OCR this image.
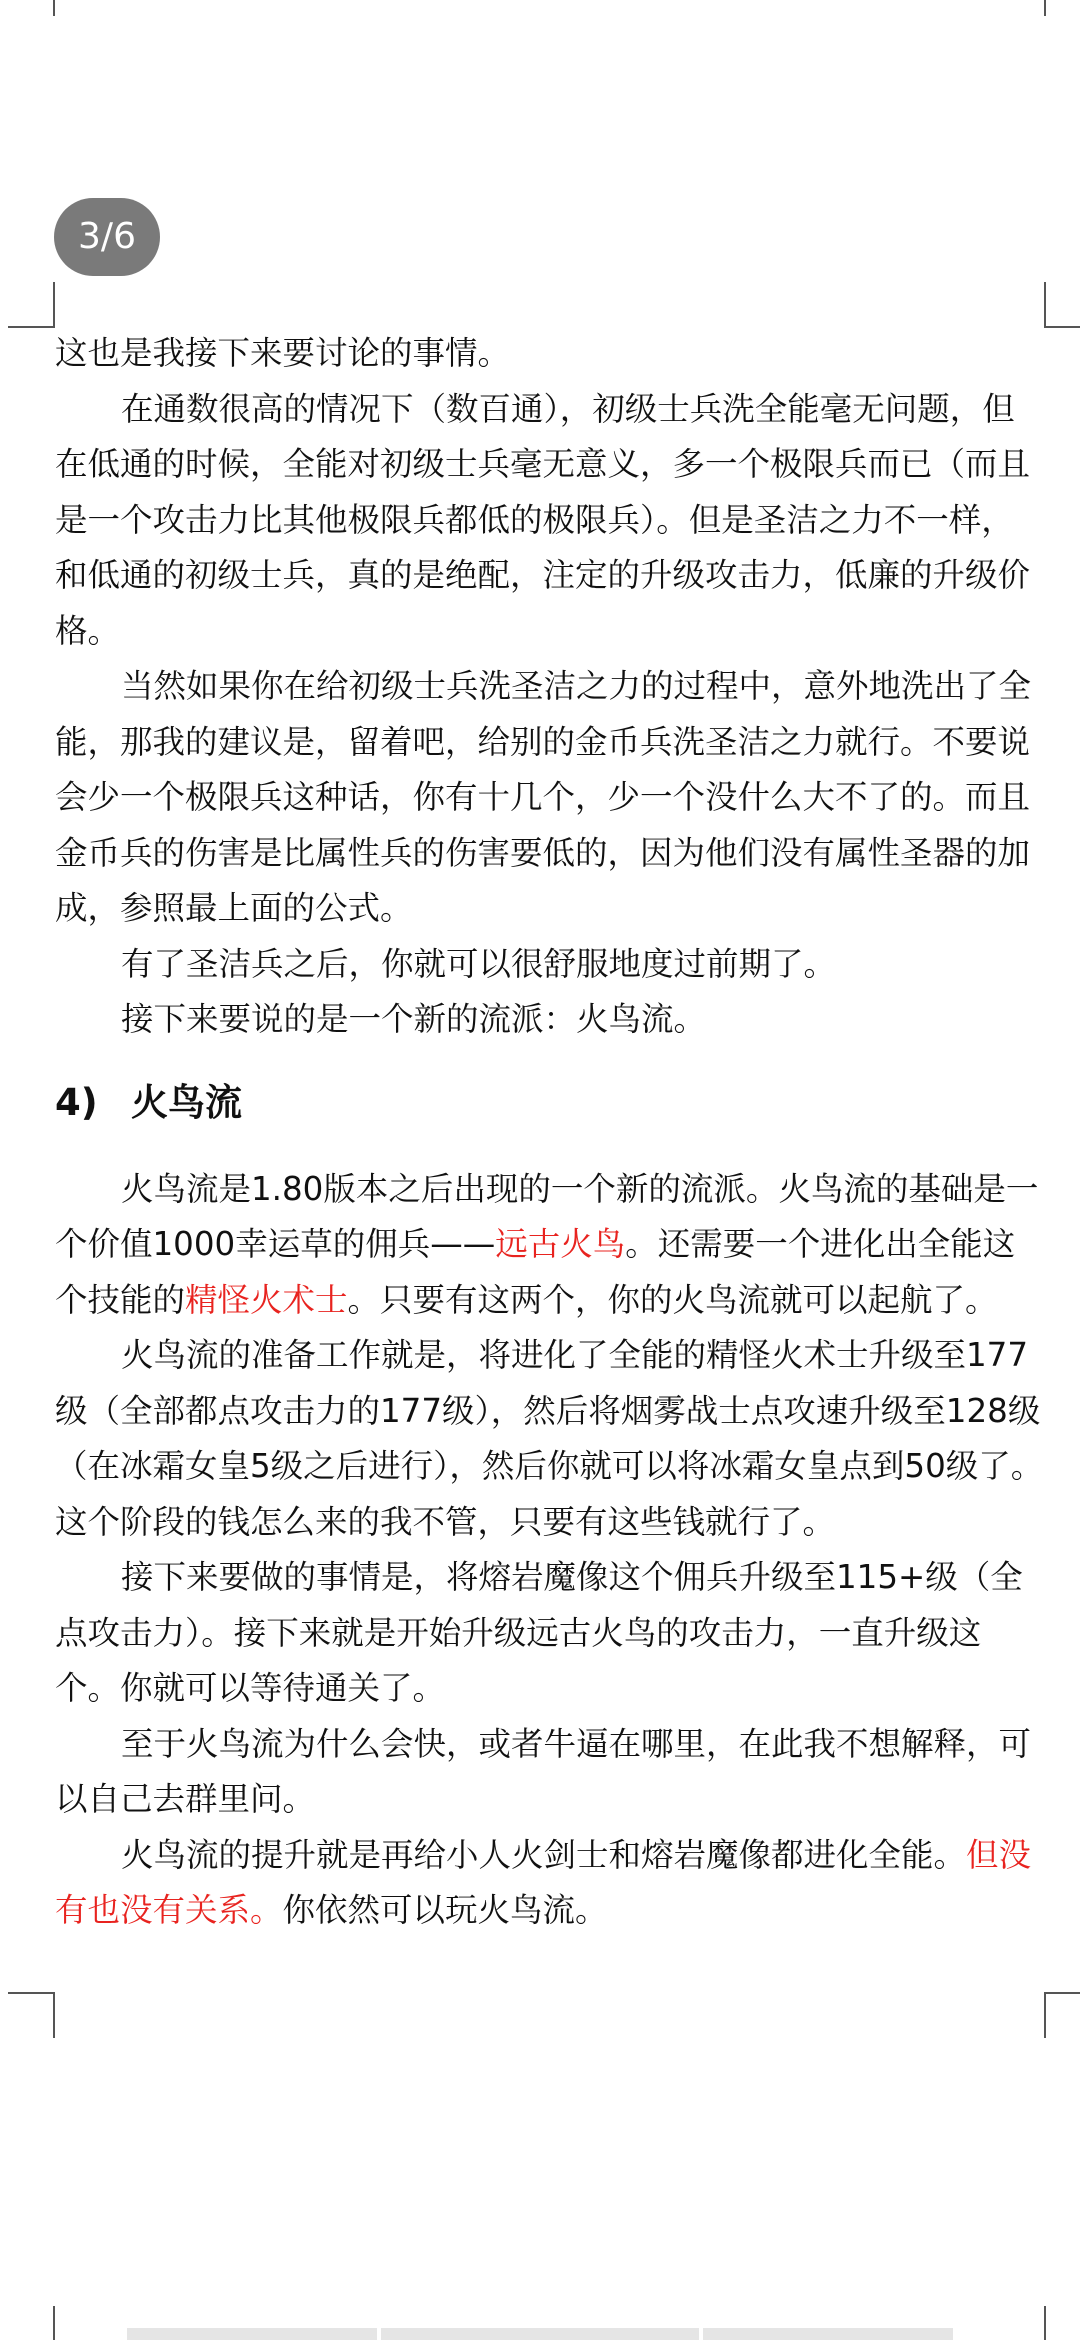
3/6

这也是我接下来要讨论的事情。

在通数很高的情况下（数百通），初级士兵洗全能毫无问题，但在低通的时候，全能对初级士兵毫无意义，多一个极限兵而已（而且是一个攻击力比其他极限兵都低的极限兵）。但是圣洁之力不一样，和低通的初级士兵，真的是绝配，注定的升级攻击力，低廉的升级价格。

当然如果你在给初级士兵洗圣洁之力的过程中，意外地洗出了全能，那我的建议是，留着吧，给别的金币兵洗圣洁之力就行。不要说会少一个极限兵这种话，你有十几个，少一个没什么大不了的。而且金币兵的伤害是比属性兵的伤害要低的，因为他们没有属性圣器的加成，参照最上面的公式。

有了圣洁兵之后，你就可以很舒服地度过前期了。

接下来要说的是一个新的流派：火鸟流。

4) 火鸟流

火鸟流是1.80版本之后出现的一个新的流派。火鸟流的基础是一个价值1000幸运草的佣兵——远古火鸟。还需要一个进化出全能这个技能的精怪火术士。只要有这两个，你的火鸟流就可以起航了。

火鸟流的准备工作就是，将进化了全能的精怪火术士升级至177级（全部都点攻击力的177级），然后将烟雾战士点攻速升级至128级（在冰霜女皇5级之后进行），然后你就可以将冰霜女皇点到50级了。这个阶段的钱怎么来的我不管，只要有这些钱就行了。

接下来要做的事情是，将熔岩魔像这个佣兵升级至115+级（全点攻击力）。接下来就是开始升级远古火鸟的攻击力，一直升级这个。你就可以等待通关了。

至于火鸟流为什么会快，或者牛逼在哪里，在此我不想解释，可以自己去群里问。

火鸟流的提升就是再给小人火剑士和熔岩魔像都进化全能。但没有也没有关系。你依然可以玩火鸟流。
